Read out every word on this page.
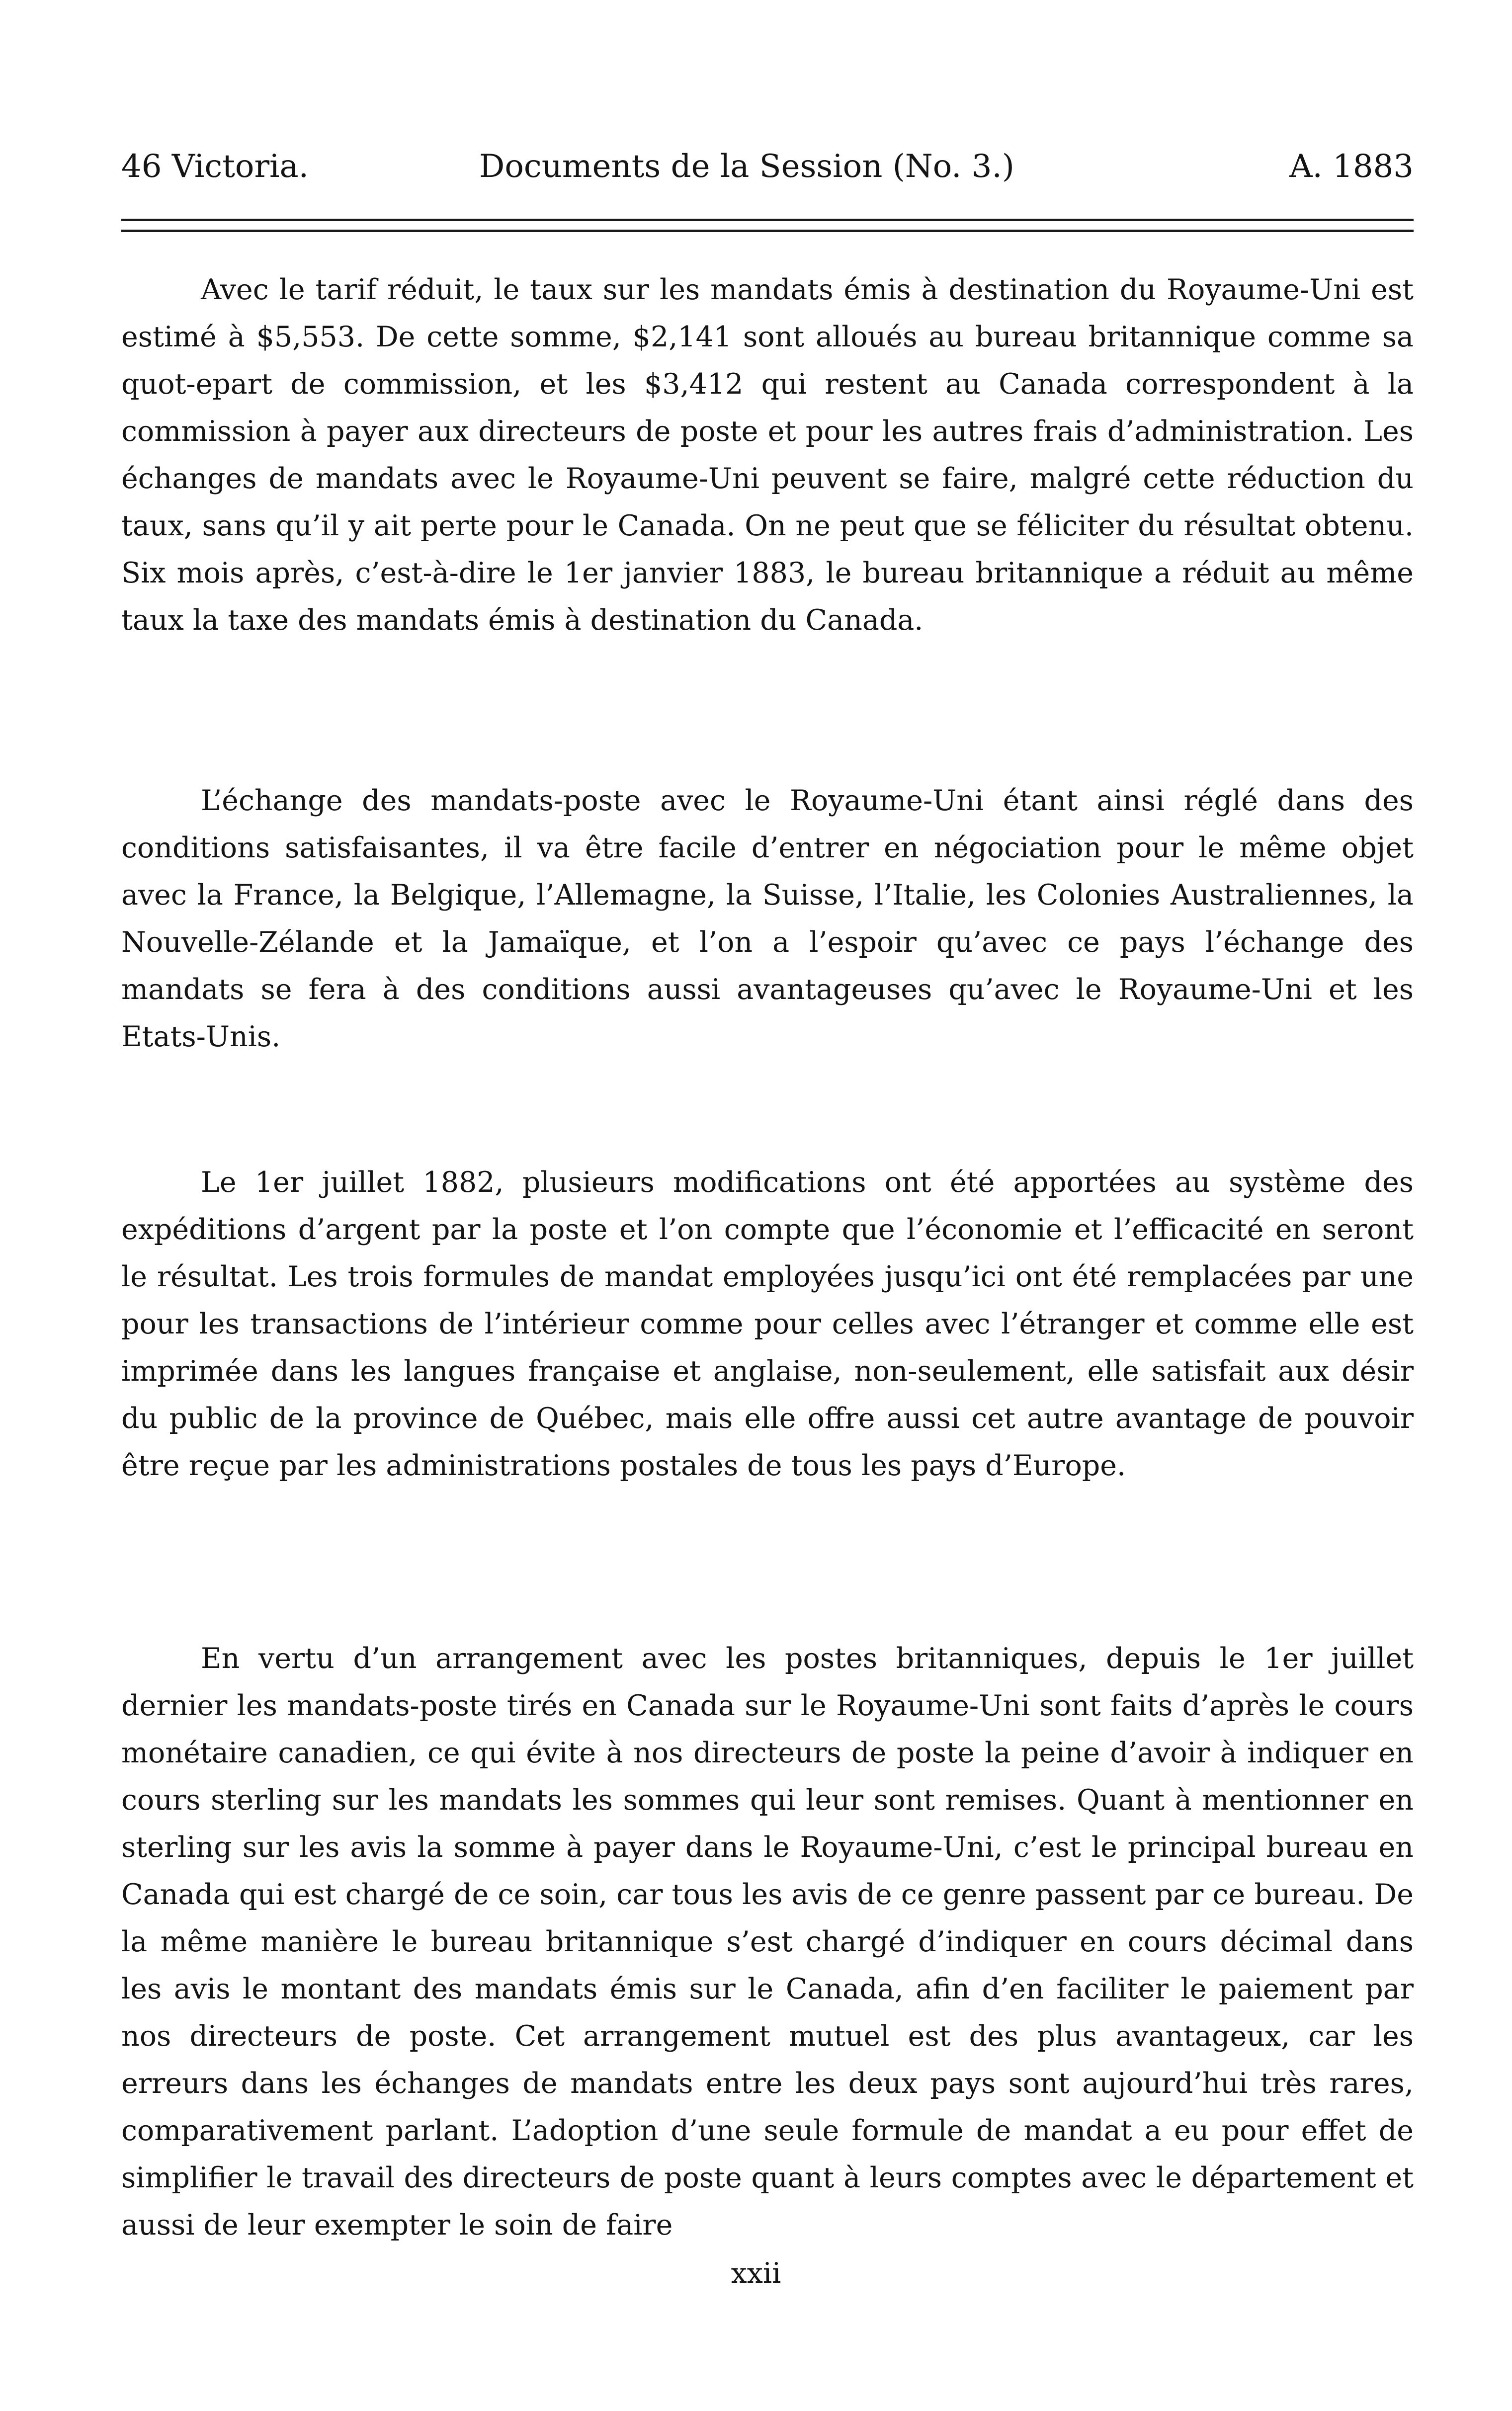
46 Victoria.	Documents de la Session (No. 3.)	A. 1883

Avec le tarif réduit, le taux sur les mandats émis à destination du Royaume-Uni est estimé à $5,553. De cette somme, $2,141 sont alloués au bureau britannique comme sa quot-epart de commission, et les $3,412 qui restent au Canada correspondent à la commission à payer aux directeurs de poste et pour les autres frais d’administration. Les échanges de mandats avec le Royaume-Uni peuvent se faire, malgré cette réduction du taux, sans qu’il y ait perte pour le Canada. On ne peut que se féliciter du résultat obtenu. Six mois après, c’est-à-dire le 1er janvier 1883, le bureau britannique a réduit au même taux la taxe des mandats émis à destination du Canada.

L’échange des mandats-poste avec le Royaume-Uni étant ainsi réglé dans des conditions satisfaisantes, il va être facile d’entrer en négociation pour le même objet avec la France, la Belgique, l’Allemagne, la Suisse, l’Italie, les Colonies Australiennes, la Nouvelle-Zélande et la Jamaïque, et l’on a l’espoir qu’avec ce pays l’échange des mandats se fera à des conditions aussi avantageuses qu’avec le Royaume-Uni et les Etats-Unis.

Le 1er juillet 1882, plusieurs modifications ont été apportées au système des expéditions d’argent par la poste et l’on compte que l’économie et l’efficacité en seront le résultat. Les trois formules de mandat employées jusqu’ici ont été remplacées par une pour les transactions de l’intérieur comme pour celles avec l’étranger et comme elle est imprimée dans les langues française et anglaise, non-seulement, elle satisfait aux désir du public de la province de Québec, mais elle offre aussi cet autre avantage de pouvoir être reçue par les administrations postales de tous les pays d’Europe.

En vertu d’un arrangement avec les postes britanniques, depuis le 1er juillet dernier les mandats-poste tirés en Canada sur le Royaume-Uni sont faits d’après le cours monétaire canadien, ce qui évite à nos directeurs de poste la peine d’avoir à indiquer en cours sterling sur les mandats les sommes qui leur sont remises. Quant à mentionner en sterling sur les avis la somme à payer dans le Royaume-Uni, c’est le principal bureau en Canada qui est chargé de ce soin, car tous les avis de ce genre passent par ce bureau. De la même manière le bureau britannique s’est chargé d’indiquer en cours décimal dans les avis le montant des mandats émis sur le Canada, afin d’en faciliter le paiement par nos directeurs de poste. Cet arrangement mutuel est des plus avantageux, car les erreurs dans les échanges de mandats entre les deux pays sont aujourd’hui très rares, comparativement parlant. L’adoption d’une seule formule de mandat a eu pour effet de simplifier le travail des directeurs de poste quant à leurs comptes avec le département et aussi de leur exempter le soin de faire

xxii
